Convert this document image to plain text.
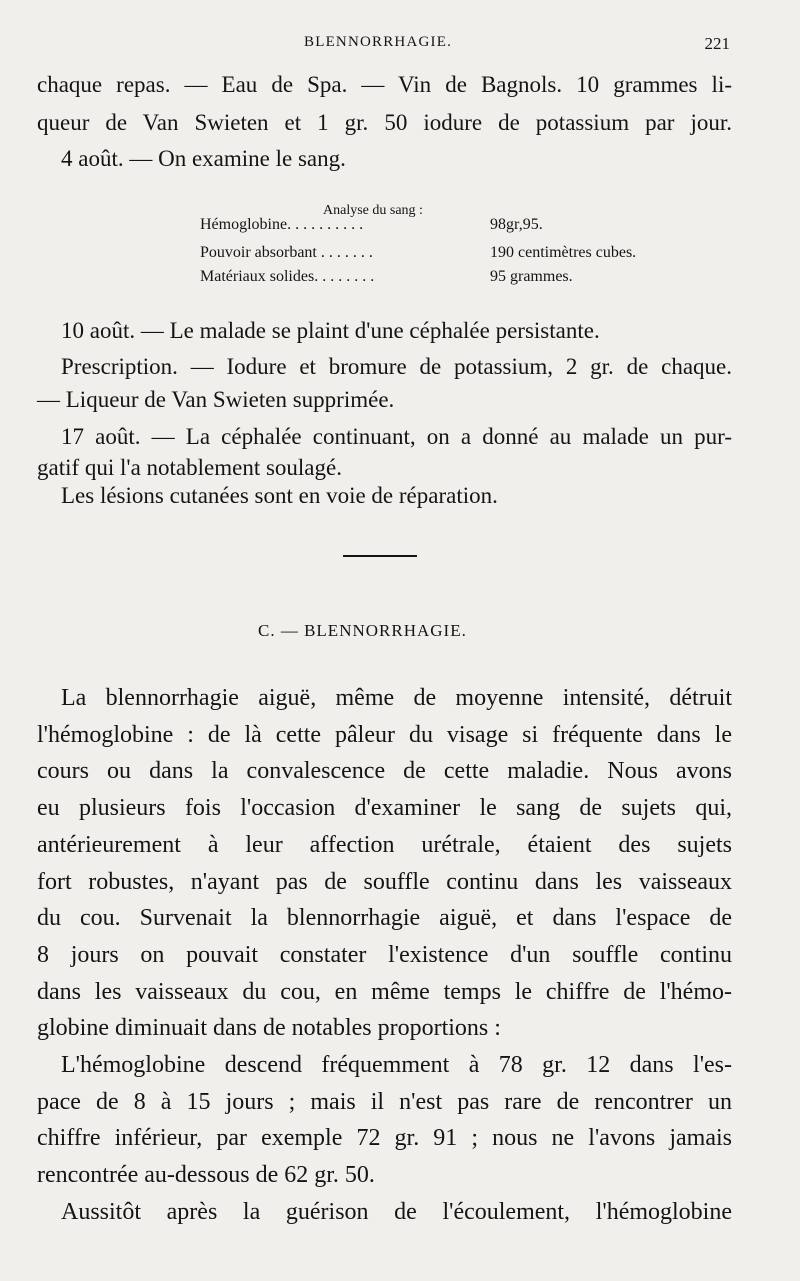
BLENNORRHAGIE.	221
chaque repas. — Eau de Spa. — Vin de Bagnols. 10 grammes li-
queur de Van Swieten et 1 gr. 50 iodure de potassium par jour.
4 août. — On examine le sang.
Analyse du sang :
Hémoglobine. . . . . . . . . .	98gr,95.
Pouvoir absorbant . . . . . . .	190 centimètres cubes.
Matériaux solides. . . . . . . .	95 grammes.
10 août. — Le malade se plaint d'une céphalée persistante.
Prescription. — Iodure et bromure de potassium, 2 gr. de chaque.
— Liqueur de Van Swieten supprimée.
17 août. — La céphalée continuant, on a donné au malade un pur-
gatif qui l'a notablement soulagé.
Les lésions cutanées sont en voie de réparation.
C. — BLENNORRHAGIE.
La blennorrhagie aiguë, même de moyenne intensité, détruit
l'hémoglobine : de là cette pâleur du visage si fréquente dans le
cours ou dans la convalescence de cette maladie. Nous avons
eu plusieurs fois l'occasion d'examiner le sang de sujets qui,
antérieurement à leur affection urétrale, étaient des sujets
fort robustes, n'ayant pas de souffle continu dans les vaisseaux
du cou. Survenait la blennorrhagie aiguë, et dans l'espace de
8 jours on pouvait constater l'existence d'un souffle continu
dans les vaisseaux du cou, en même temps le chiffre de l'hémo-
globine diminuait dans de notables proportions :
L'hémoglobine descend fréquemment à 78 gr. 12 dans l'es-
pace de 8 à 15 jours ; mais il n'est pas rare de rencontrer un
chiffre inférieur, par exemple 72 gr. 91 ; nous ne l'avons jamais
rencontrée au-dessous de 62 gr. 50.
Aussitôt après la guérison de l'écoulement, l'hémoglobine
